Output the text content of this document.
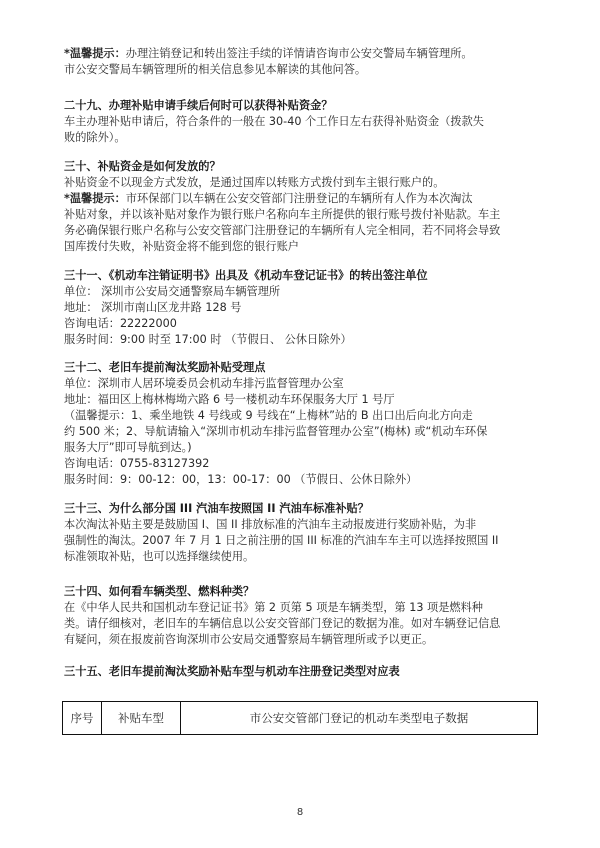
*温馨提示：办理注销登记和转出签注手续的详情请咨询市公安交警局车辆管理所。
市公安交警局车辆管理所的相关信息参见本解读的其他问答。
二十九、办理补贴申请手续后何时可以获得补贴资金？
车主办理补贴申请后，符合条件的一般在 30-40 个工作日左右获得补贴资金（拨款失
败的除外）。
三十、补贴资金是如何发放的？
补贴资金不以现金方式发放，是通过国库以转账方式拨付到车主银行账户的。
*温馨提示：市环保部门以车辆在公安交管部门注册登记的车辆所有人作为本次淘汰
补贴对象，并以该补贴对象作为银行账户名称向车主所提供的银行账号拨付补贴款。车主
务必确保银行账户名称与公安交管部门注册登记的车辆所有人完全相同，若不同将会导致
国库拨付失败，补贴资金将不能到您的银行账户
三十一、《机动车注销证明书》出具及《机动车登记证书》的转出签注单位
单位： 深圳市公安局交通警察局车辆管理所
地址： 深圳市南山区龙井路 128 号
咨询电话：22222000
服务时间：9:00 时至 17:00 时 （节假日、 公休日除外）
三十二、老旧车提前淘汰奖励补贴受理点
单位：深圳市人居环境委员会机动车排污监督管理办公室
地址：福田区上梅林梅坳六路 6 号一楼机动车环保服务大厅 1 号厅
（温馨提示：1、乘坐地铁 4 号线或 9 号线在“上梅林”站的 B 出口出后向北方向走
约 500 米；2、导航请输入“深圳市机动车排污监督管理办公室”(梅林) 或“机动车环保
服务大厅”即可导航到达。)
咨询电话：0755-83127392
服务时间：9：00-12：00，13：00-17：00 （节假日、公休日除外）
三十三、为什么部分国 III 汽油车按照国 II 汽油车标准补贴？
本次淘汰补贴主要是鼓励国 I、国 II 排放标准的汽油车主动报废进行奖励补贴，为非
强制性的淘汰。2007 年 7 月 1 日之前注册的国 III 标准的汽油车车主可以选择按照国 II
标准领取补贴，也可以选择继续使用。
三十四、如何看车辆类型、燃料种类？
在《中华人民共和国机动车登记证书》第 2 页第 5 项是车辆类型，第 13 项是燃料种
类。请仔细核对，老旧车的车辆信息以公安交管部门登记的数据为准。如对车辆登记信息
有疑问，须在报废前咨询深圳市公安局交通警察局车辆管理所或予以更正。
三十五、老旧车提前淘汰奖励补贴车型与机动车注册登记类型对应表
序号	补贴车型	市公安交管部门登记的机动车类型电子数据
8
